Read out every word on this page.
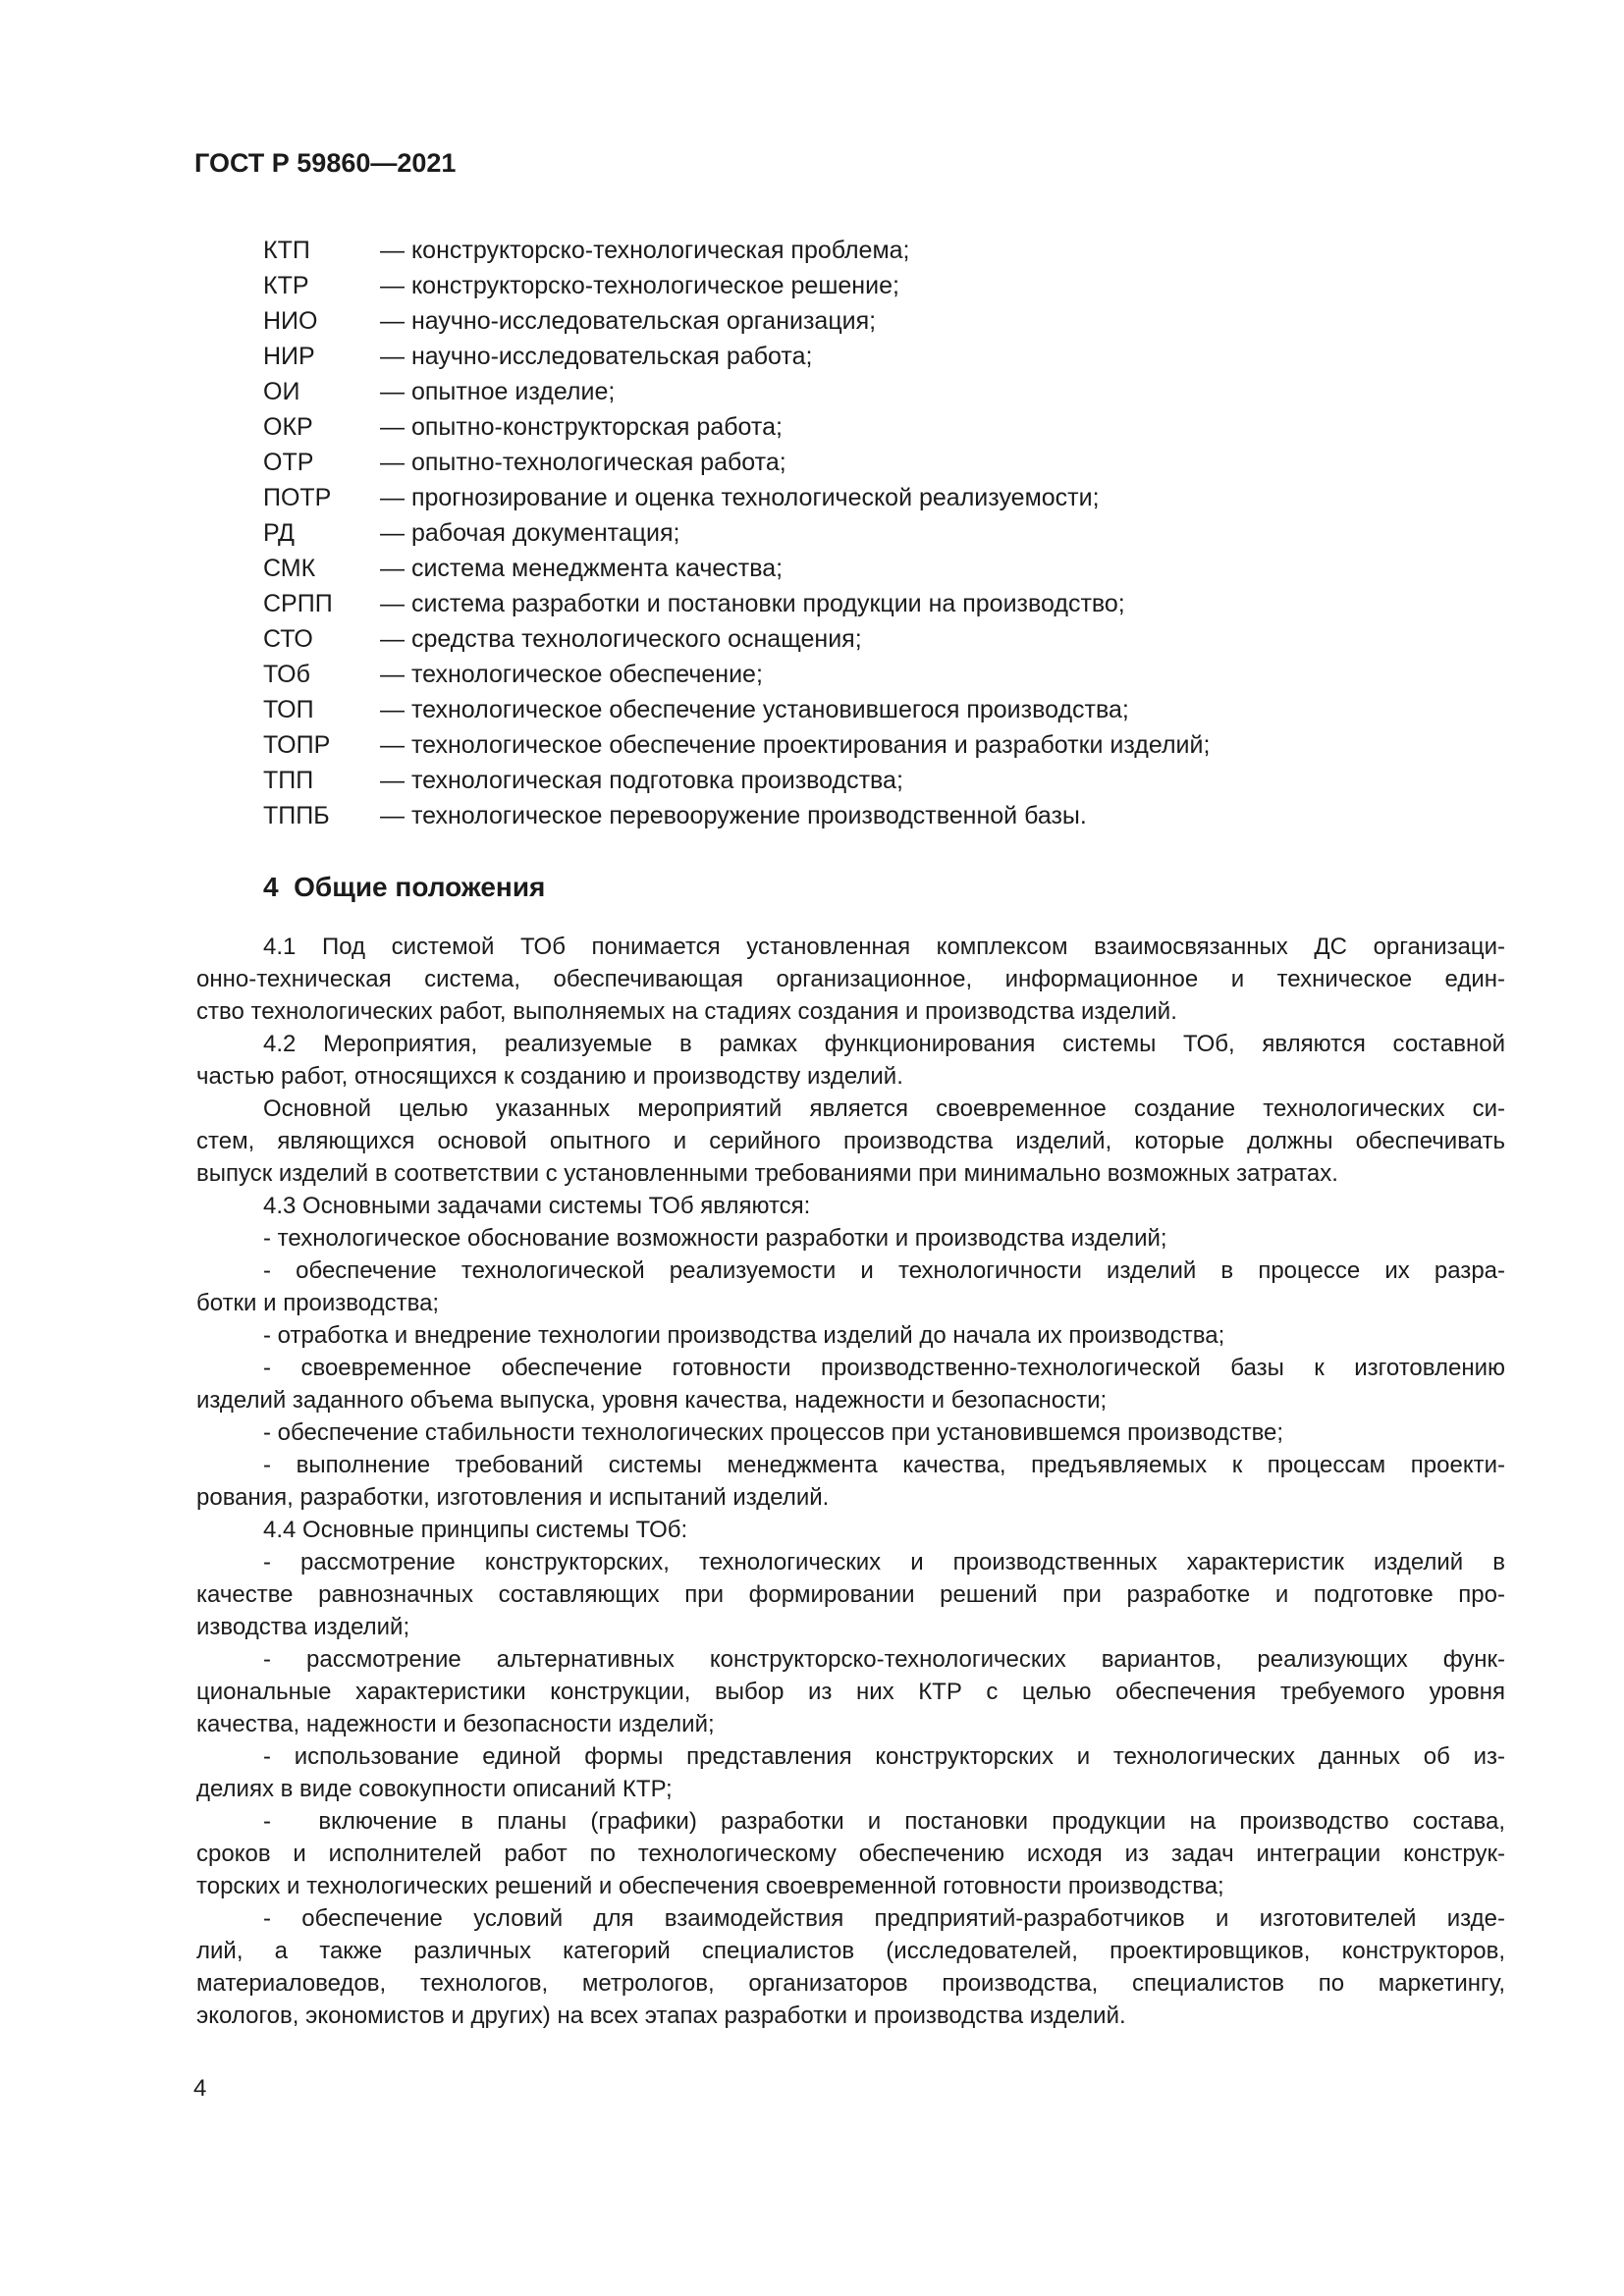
ГОСТ Р 59860—2021
КТП	— конструкторско-технологическая проблема;
КТР	— конструкторско-технологическое решение;
НИО	— научно-исследовательская организация;
НИР	— научно-исследовательская работа;
ОИ	— опытное изделие;
ОКР	— опытно-конструкторская работа;
ОТР	— опытно-технологическая работа;
ПОТР — прогнозирование и оценка технологической реализуемости;
РД	— рабочая документация;
СМК	— система менеджмента качества;
СРПП — система разработки и постановки продукции на производство;
СТО	— средства технологического оснащения;
ТОб	— технологическое обеспечение;
ТОП	— технологическое обеспечение установившегося производства;
ТОПР — технологическое обеспечение проектирования и разработки изделий;
ТПП	— технологическая подготовка производства;
ТППБ — технологическое перевооружение производственной базы.
4 Общие положения
4.1 Под системой ТОб понимается установленная комплексом взаимосвязанных ДС организаци-
онно-техническая система, обеспечивающая организационное, информационное и техническое един-
ство технологических работ, выполняемых на стадиях создания и производства изделий.
4.2 Мероприятия, реализуемые в рамках функционирования системы ТОб, являются составной
частью работ, относящихся к созданию и производству изделий.
Основной целью указанных мероприятий является своевременное создание технологических си-
стем, являющихся основой опытного и серийного производства изделий, которые должны обеспечивать
выпуск изделий в соответствии с установленными требованиями при минимально возможных затратах.
4.3 Основными задачами системы ТОб являются:
- технологическое обоснование возможности разработки и производства изделий;
- обеспечение технологической реализуемости и технологичности изделий в процессе их разра-
ботки и производства;
- отработка и внедрение технологии производства изделий до начала их производства;
- своевременное обеспечение готовности производственно-технологической базы к изготовлению
изделий заданного объема выпуска, уровня качества, надежности и безопасности;
- обеспечение стабильности технологических процессов при установившемся производстве;
- выполнение требований системы менеджмента качества, предъявляемых к процессам проекти-
рования, разработки, изготовления и испытаний изделий.
4.4 Основные принципы системы ТОб:
- рассмотрение конструкторских, технологических и производственных характеристик изделий в
качестве равнозначных составляющих при формировании решений при разработке и подготовке про-
изводства изделий;
- рассмотрение альтернативных конструкторско-технологических вариантов, реализующих функ-
циональные характеристики конструкции, выбор из них КТР с целью обеспечения требуемого уровня
качества, надежности и безопасности изделий;
- использование единой формы представления конструкторских и технологических данных об из-
делиях в виде совокупности описаний КТР;
-  включение в планы (графики) разработки и постановки продукции на производство состава,
сроков и исполнителей работ по технологическому обеспечению исходя из задач интеграции конструк-
торских и технологических решений и обеспечения своевременной готовности производства;
- обеспечение условий для взаимодействия предприятий-разработчиков и изготовителей изде-
лий, а также различных категорий специалистов (исследователей, проектировщиков, конструкторов,
материаловедов, технологов, метрологов, организаторов производства, специалистов по маркетингу,
экологов, экономистов и других) на всех этапах разработки и производства изделий.
4
